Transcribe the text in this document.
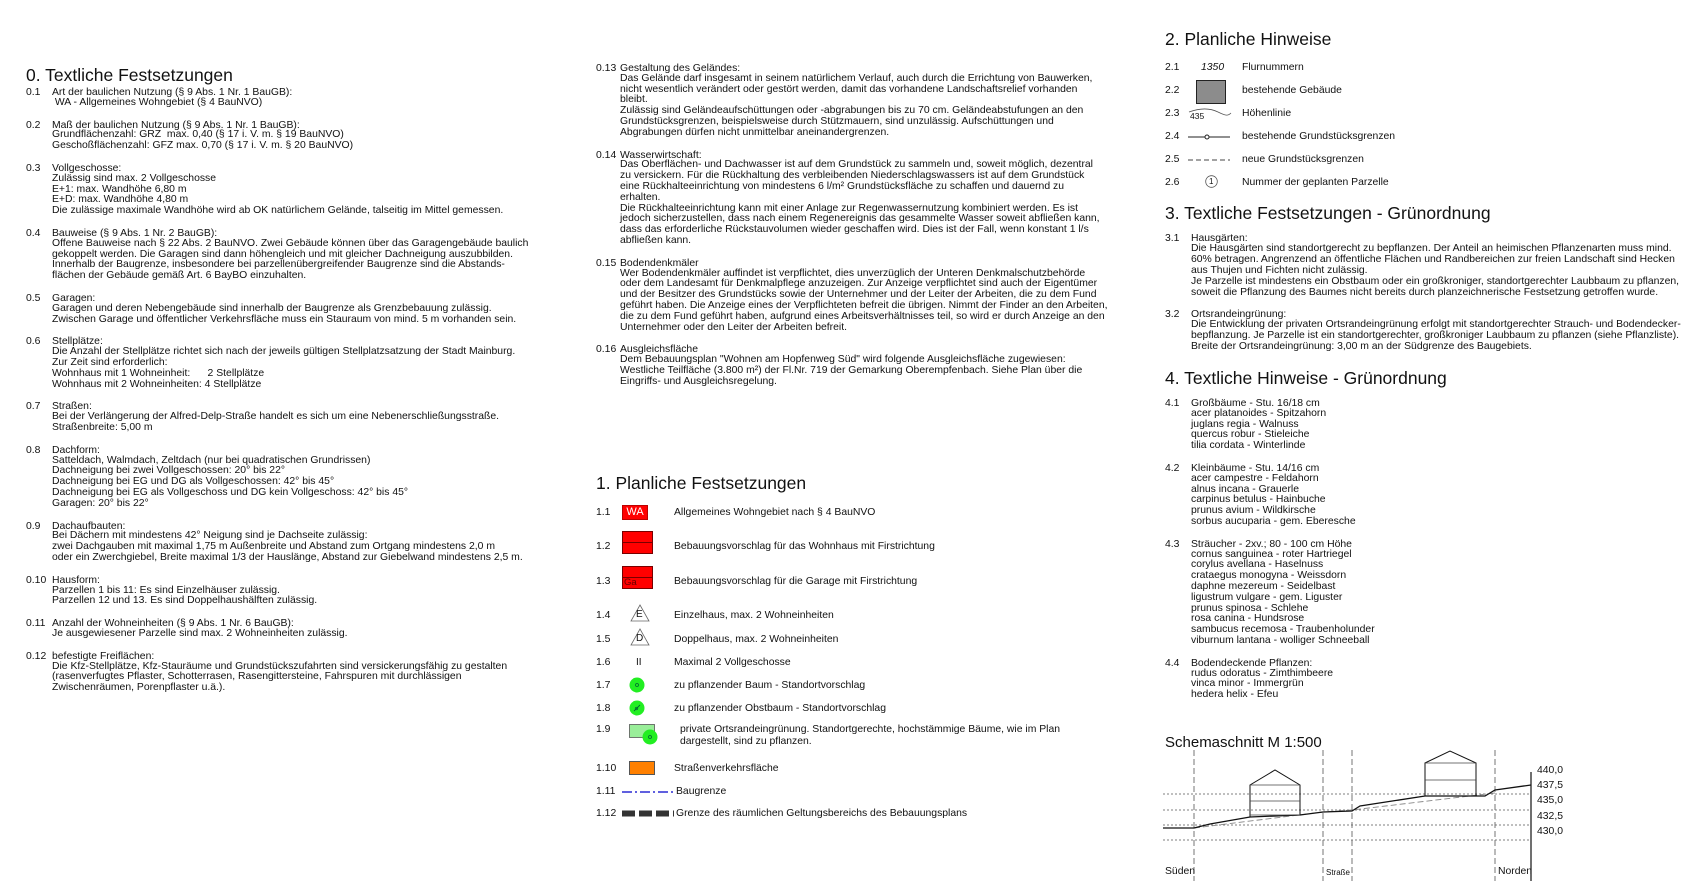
0. Textliche Festsetzungen
0.1 Art der baulichen Nutzung (§ 9 Abs. 1 Nr. 1 BauGB):
WA - Allgemeines Wohngebiet (§ 4 BauNVO)
0.2 Maß der baulichen Nutzung (§ 9 Abs. 1 Nr. 1 BauGB):
Grundflächenzahl: GRZ  max. 0,40 (§ 17 i. V. m. § 19 BauNVO)
Geschoßflächenzahl: GFZ max. 0,70 (§ 17 i. V. m. § 20 BauNVO)
0.3 Vollgeschosse:
Zulässig sind max. 2 Vollgeschosse
E+1: max. Wandhöhe 6,80 m
E+D: max. Wandhöhe 4,80 m
Die zulässige maximale Wandhöhe wird ab OK natürlichem Gelände, talseitig im Mittel gemessen.
0.4 Bauweise (§ 9 Abs. 1 Nr. 2 BauGB):
Offene Bauweise nach § 22 Abs. 2 BauNVO. Zwei Gebäude können über das Garagengebäude baulich
gekoppelt werden. Die Garagen sind dann höhengleich und mit gleicher Dachneigung auszubbilden.
Innerhalb der Baugrenze, insbesondere bei parzellenübergreifender Baugrenze sind die Abstands-
flächen der Gebäude gemäß Art. 6 BayBO einzuhalten.
0.5 Garagen:
Garagen und deren Nebengebäude sind innerhalb der Baugrenze als Grenzbebauung zulässig.
Zwischen Garage und öffentlicher Verkehrsfläche muss ein Stauraum von mind. 5 m vorhanden sein.
0.6 Stellplätze:
Die Anzahl der Stellplätze richtet sich nach der jeweils gültigen Stellplatzsatzung der Stadt Mainburg.
Zur Zeit sind erforderlich:
Wohnhaus mit 1 Wohneinheit:      2 Stellplätze
Wohnhaus mit 2 Wohneinheiten: 4 Stellplätze
0.7 Straßen:
Bei der Verlängerung der Alfred-Delp-Straße handelt es sich um eine Nebenerschließungsstraße.
Straßenbreite: 5,00 m
0.8 Dachform:
Satteldach, Walmdach, Zeltdach (nur bei quadratischen Grundrissen)
Dachneigung bei zwei Vollgeschossen: 20° bis 22°
Dachneigung bei EG und DG als Vollgeschossen: 42° bis 45°
Dachneigung bei EG als Vollgeschoss und DG kein Vollgeschoss: 42° bis 45°
Garagen: 20° bis 22°
0.9 Dachaufbauten:
Bei Dächern mit mindestens 42° Neigung sind je Dachseite zulässig:
zwei Dachgauben mit maximal 1,75 m Außenbreite und Abstand zum Ortgang mindestens 2,0 m
oder ein Zwerchgiebel, Breite maximal 1/3 der Hauslänge, Abstand zur Giebelwand mindestens 2,5 m.
0.10 Hausform:
Parzellen 1 bis 11: Es sind Einzelhäuser zulässig.
Parzellen 12 und 13. Es sind Doppelhaushälften zulässig.
0.11 Anzahl der Wohneinheiten (§ 9 Abs. 1 Nr. 6 BauGB):
Je ausgewiesener Parzelle sind max. 2 Wohneinheiten zulässig.
0.12 befestigte Freiflächen:
Die Kfz-Stellplätze, Kfz-Stauräume und Grundstückszufahrten sind versickerungsfähig zu gestalten
(rasenverfugtes Pflaster, Schotterrasen, Rasengittersteine, Fahrspuren mit durchlässigen
Zwischenräumen, Porenpflaster u.ä.).
0.13 Gestaltung des Geländes:
Das Gelände darf insgesamt in seinem natürlichem Verlauf, auch durch die Errichtung von Bauwerken,
nicht wesentlich verändert oder gestört werden, damit das vorhandene Landschaftsrelief vorhanden
bleibt.
Zulässig sind Geländeaufschüttungen oder -abgrabungen bis zu 70 cm. Geländeabstufungen an den
Grundstücksgrenzen, beispielsweise durch Stützmauern, sind unzulässig. Aufschüttungen und
Abgrabungen dürfen nicht unmittelbar aneinandergrenzen.
0.14 Wasserwirtschaft:
Das Oberflächen- und Dachwasser ist auf dem Grundstück zu sammeln und, soweit möglich, dezentral
zu versickern. Für die Rückhaltung des verbleibenden Niederschlagswassers ist auf dem Grundstück
eine Rückhalteeinrichtung von mindestens 6 l/m² Grundstücksfläche zu schaffen und dauernd zu
erhalten.
Die Rückhalteeinrichtung kann mit einer Anlage zur Regenwassernutzung kombiniert werden. Es ist
jedoch sicherzustellen, dass nach einem Regenereignis das gesammelte Wasser soweit abfließen kann,
dass das erforderliche Rückstauvolumen wieder geschaffen wird. Dies ist der Fall, wenn konstant 1 l/s
abfließen kann.
0.15 Bodendenkmäler
Wer Bodendenkmäler auffindet ist verpflichtet, dies unverzüglich der Unteren Denkmalschutzbehörde
oder dem Landesamt für Denkmalpflege anzuzeigen. Zur Anzeige verpflichtet sind auch der Eigentümer
und der Besitzer des Grundstücks sowie der Unternehmer und der Leiter der Arbeiten, die zu dem Fund
geführt haben. Die Anzeige eines der Verpflichteten befreit die übrigen. Nimmt der Finder an den Arbeiten,
die zu dem Fund geführt haben, aufgrund eines Arbeitsverhältnisses teil, so wird er durch Anzeige an den
Unternehmer oder den Leiter der Arbeiten befreit.
0.16 Ausgleichsfläche
Dem Bebauungsplan "Wohnen am Hopfenweg Süd" wird folgende Ausgleichsfläche zugewiesen:
Westliche Teilfläche (3.800 m²) der Fl.Nr. 719 der Gemarkung Oberempfenbach. Siehe Plan über die
Eingriffs- und Ausgleichsregelung.
1. Planliche Festsetzungen
1.1	WA	Allgemeines Wohngebiet nach § 4 BauNVO
1.2	Bebauungsvorschlag für das Wohnhaus mit Firstrichtung
1.3 Ga	Bebauungsvorschlag für die Garage mit Firstrichtung
1.4	E	Einzelhaus, max. 2 Wohneinheiten
1.5	D	Doppelhaus, max. 2 Wohneinheiten
1.6	II	Maximal 2 Vollgeschosse
1.7	zu pflanzender Baum - Standortvorschlag
1.8	zu pflanzender Obstbaum - Standortvorschlag
1.9	private Ortsrandeingrünung. Standortgerechte, hochstämmige Bäume, wie im Plan
dargestellt, sind zu pflanzen.
1.10	Straßenverkehrsfläche
1.11	Baugrenze
1.12	Grenze des räumlichen Geltungsbereichs des Bebauungsplans
2. Planliche Hinweise
2.1 1350 Flurnummern
2.2	bestehende Gebäude
2.3 435	Höhenlinie
2.4	bestehende Grundstücksgrenzen
2.5	neue Grundstücksgrenzen
2.6	1	Nummer der geplanten Parzelle
3. Textliche Festsetzungen - Grünordnung
3.1 Hausgärten:
Die Hausgärten sind standortgerecht zu bepflanzen. Der Anteil an heimischen Pflanzenarten muss mind.
60% betragen. Angrenzend an öffentliche Flächen und Randbereichen zur freien Landschaft sind Hecken
aus Thujen und Fichten nicht zulässig.
Je Parzelle ist mindestens ein Obstbaum oder ein großkroniger, standortgerechter Laubbaum zu pflanzen,
soweit die Pflanzung des Baumes nicht bereits durch planzeichnerische Festsetzung getroffen wurde.
3.2 Ortsrandeingrünung:
Die Entwicklung der privaten Ortsrandeingrünung erfolgt mit standortgerechter Strauch- und Bodendecker-
bepflanzung. Je Parzelle ist ein standortgerechter, großkroniger Laubbaum zu pflanzen (siehe Pflanzliste).
Breite der Ortsrandeingrünung: 3,00 m an der Südgrenze des Baugebiets.
4. Textliche Hinweise - Grünordnung
4.1 Großbäume - Stu. 16/18 cm
acer platanoides - Spitzahorn
juglans regia - Walnuss
quercus robur - Stieleiche
tilia cordata - Winterlinde
4.2 Kleinbäume - Stu. 14/16 cm
acer campestre - Feldahorn
alnus incana - Grauerle
carpinus betulus - Hainbuche
prunus avium - Wildkirsche
sorbus aucuparia - gem. Eberesche
4.3 Sträucher - 2xv.; 80 - 100 cm Höhe
cornus sanguinea - roter Hartriegel
corylus avellana - Haselnuss
crataegus monogyna - Weissdorn
daphne mezereum - Seidelbast
ligustrum vulgare - gem. Liguster
prunus spinosa - Schlehe
rosa canina - Hundsrose
sambucus recemosa - Traubenholunder
viburnum lantana - wolliger Schneeball
4.4 Bodendeckende Pflanzen:
rudus odoratus - Zimthimbeere
vinca minor - Immergrün
hedera helix - Efeu
Schemaschnitt M 1:500
440,0
437,5
435,0
432,5
430,0
Süden	Straße	Norden
